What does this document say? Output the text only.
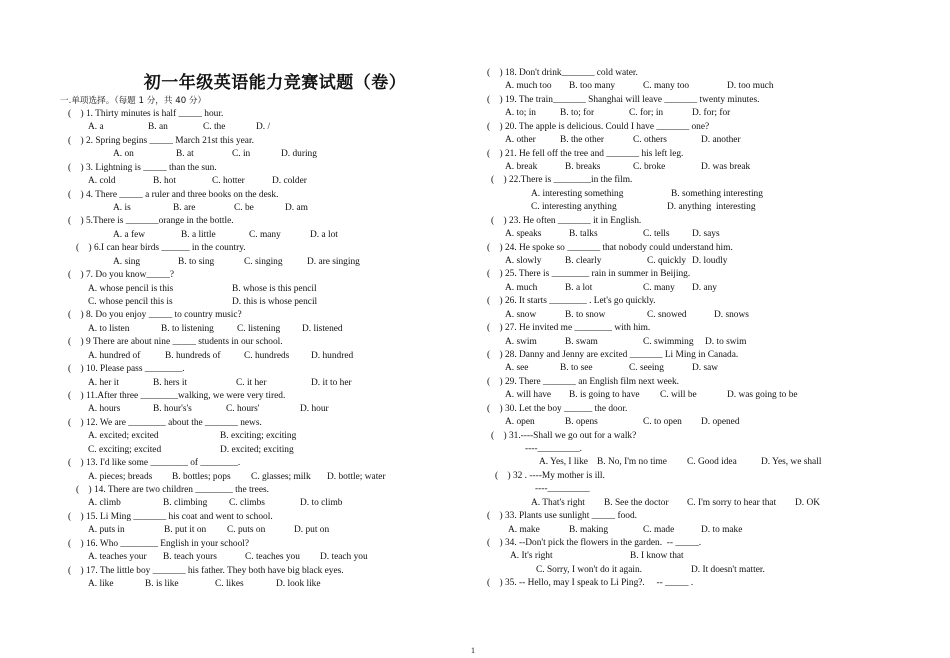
初一年级英语能力竞赛试题（卷）
一.单项选择。（每题 1 分，共 40 分）
(    ) 1. Thirty minutes is half _____ hour.
A. a	B. an	C. the	D. /
(    ) 2. Spring begins _____ March 21st this year.
A. on	B. at	C. in	D. during
(    ) 3. Lightning is _____ than the sun.
A. cold	B. hot	C. hotter	D. colder
(    ) 4. There _____ a ruler and three books on the desk.
A. is	B. are	C. be	D. am
(    ) 5.There is _______orange in the bottle.
A. a few	B. a little	C. many	D. a lot
(    ) 6.I can hear birds ______ in the country.
A. sing	B. to sing	C. singing	D. are singing
(    ) 7. Do you know_____?
A. whose pencil is this	B. whose is this pencil
C. whose pencil this is	D. this is whose pencil
(    ) 8. Do you enjoy _____ to country music?
A. to listen	B. to listening C. listening D. listened
(    ) 9 There are about nine _____ students in our school.
A. hundred of	B. hundreds of	C. hundreds D. hundred
(    ) 10. Please pass ________.
A. her it	B. hers it	C. it her	D. it to her
(    ) 11.After three ________walking, we were very tired.
A. hours	B. hour's's	C. hours'	D. hour
(    ) 12. We are ________ about the _______ news.
A. excited; excited	B. exciting; exciting
C. exciting; excited	D. excited; exciting
(    ) 13. I'd like some ________ of ________.
A. pieces; breads B. bottles; pops C. glasses; milk D. bottle; water
(    ) 14. There are two children ________ the trees.
A. climb	B. climbing C. climbs	D. to climb
(    ) 15. Li Ming _______ his coat and went to school.
A. puts in	B. put it on C. puts on	D. put on
(    ) 16. Who ________ English in your school?
A. teaches your B. teach yours	C. teaches you D. teach you
(    ) 17. The little boy _______ his father. They both have big black eyes.
A. like	B. is like	C. likes	D. look like
(    ) 18. Don't drink_______ cold water.
A. much too B. too many	C. many too	D. too much
(    ) 19. The train_______ Shanghai will leave _______ twenty minutes.
A. to; in	B. to; for	C. for; in	D. for; for
(    ) 20. The apple is delicious. Could I have _______ one?
A. other	B. the other	C. others	D. another
(    ) 21. He fell off the tree and _______ his left leg.
A. break	B. breaks	C. broke	D. was break
(    ) 22.There is ________in the film.
A. interesting something	B. something interesting
C. interesting anything	D. anything  interesting
(    ) 23. He often _______ it in English.
A. speaks	B. talks	C. tells D. says
(    ) 24. He spoke so _______ that nobody could understand him.
A. slowly	B. clearly	C. quickly D. loudly
(    ) 25. There is ________ rain in summer in Beijing.
A. much	B. a lot	C. many D. any
(    ) 26. It starts ________ . Let's go quickly.
A. snow	B. to snow	C. snowed	D. snows
(    ) 27. He invited me ________ with him.
A. swim	B. swam	C. swimming D. to swim
(    ) 28. Danny and Jenny are excited _______ Li Ming in Canada.
A. see	B. to see	C. seeing	D. saw
(    ) 29. There _______ an English film next week.
A. will have B. is going to have C. will be	D. was going to be
(    ) 30. Let the boy ______ the door.
A. open	B. opens	C. to open D. opened
(    ) 31.----Shall we go out for a walk?
----_________.
A. Yes, I like B. No, I'm no time C. Good idea	D. Yes, we shall
(    ) 32 . ----My mother is ill.
----_________
A. That's right B. See the doctor C. I'm sorry to hear that D. OK
(    ) 33. Plants use sunlight _____ food.
A. make	B. making	C. made	D. to make
(    ) 34. --Don't pick the flowers in the garden.  -- _____.
A. It's right	B. I know that
C. Sorry, I won't do it again.	D. It doesn't matter.
(    ) 35. -- Hello, may I speak to Li Ping?.     -- _____ .
1
